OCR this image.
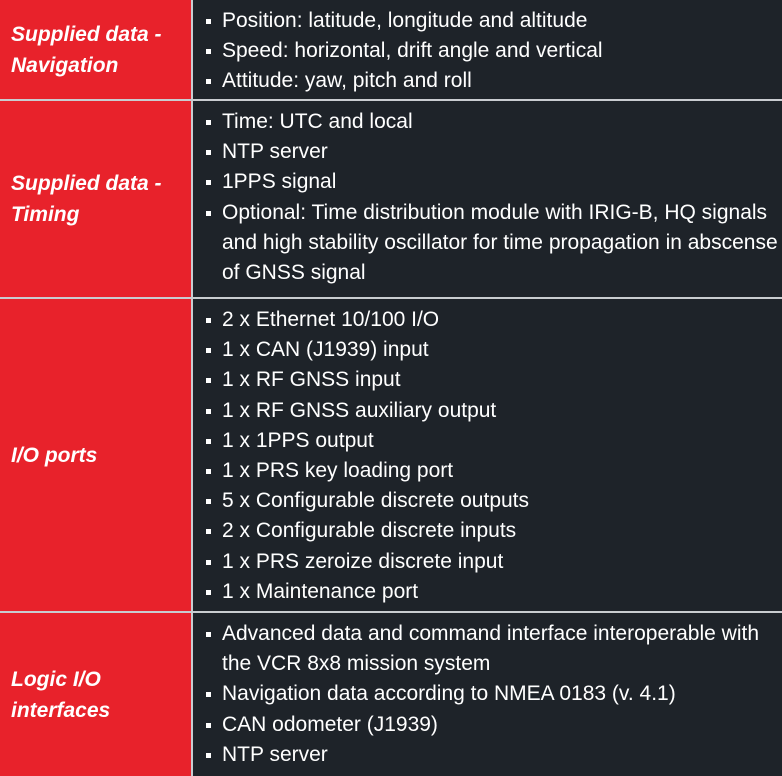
Supplied data -
Navigation
Position: latitude, longitude and altitude
Speed: horizontal, drift angle and vertical
Attitude: yaw, pitch and roll
Supplied data -
Timing
Time: UTC and local
NTP server
1PPS signal
Optional: Time distribution module with IRIG-B, HQ signals and high stability oscillator for time propagation in abscense of GNSS signal
I/O ports
2 x Ethernet 10/100 I/O
1 x CAN (J1939) input
1 x RF GNSS input
1 x RF GNSS auxiliary output
1 x 1PPS output
1 x PRS key loading port
5 x Configurable discrete outputs
2 x Configurable discrete inputs
1 x PRS zeroize discrete input
1 x Maintenance port
Logic I/O
interfaces
Advanced data and command interface interoperable with the VCR 8x8 mission system
Navigation data according to NMEA 0183 (v. 4.1)
CAN odometer (J1939)
NTP server
